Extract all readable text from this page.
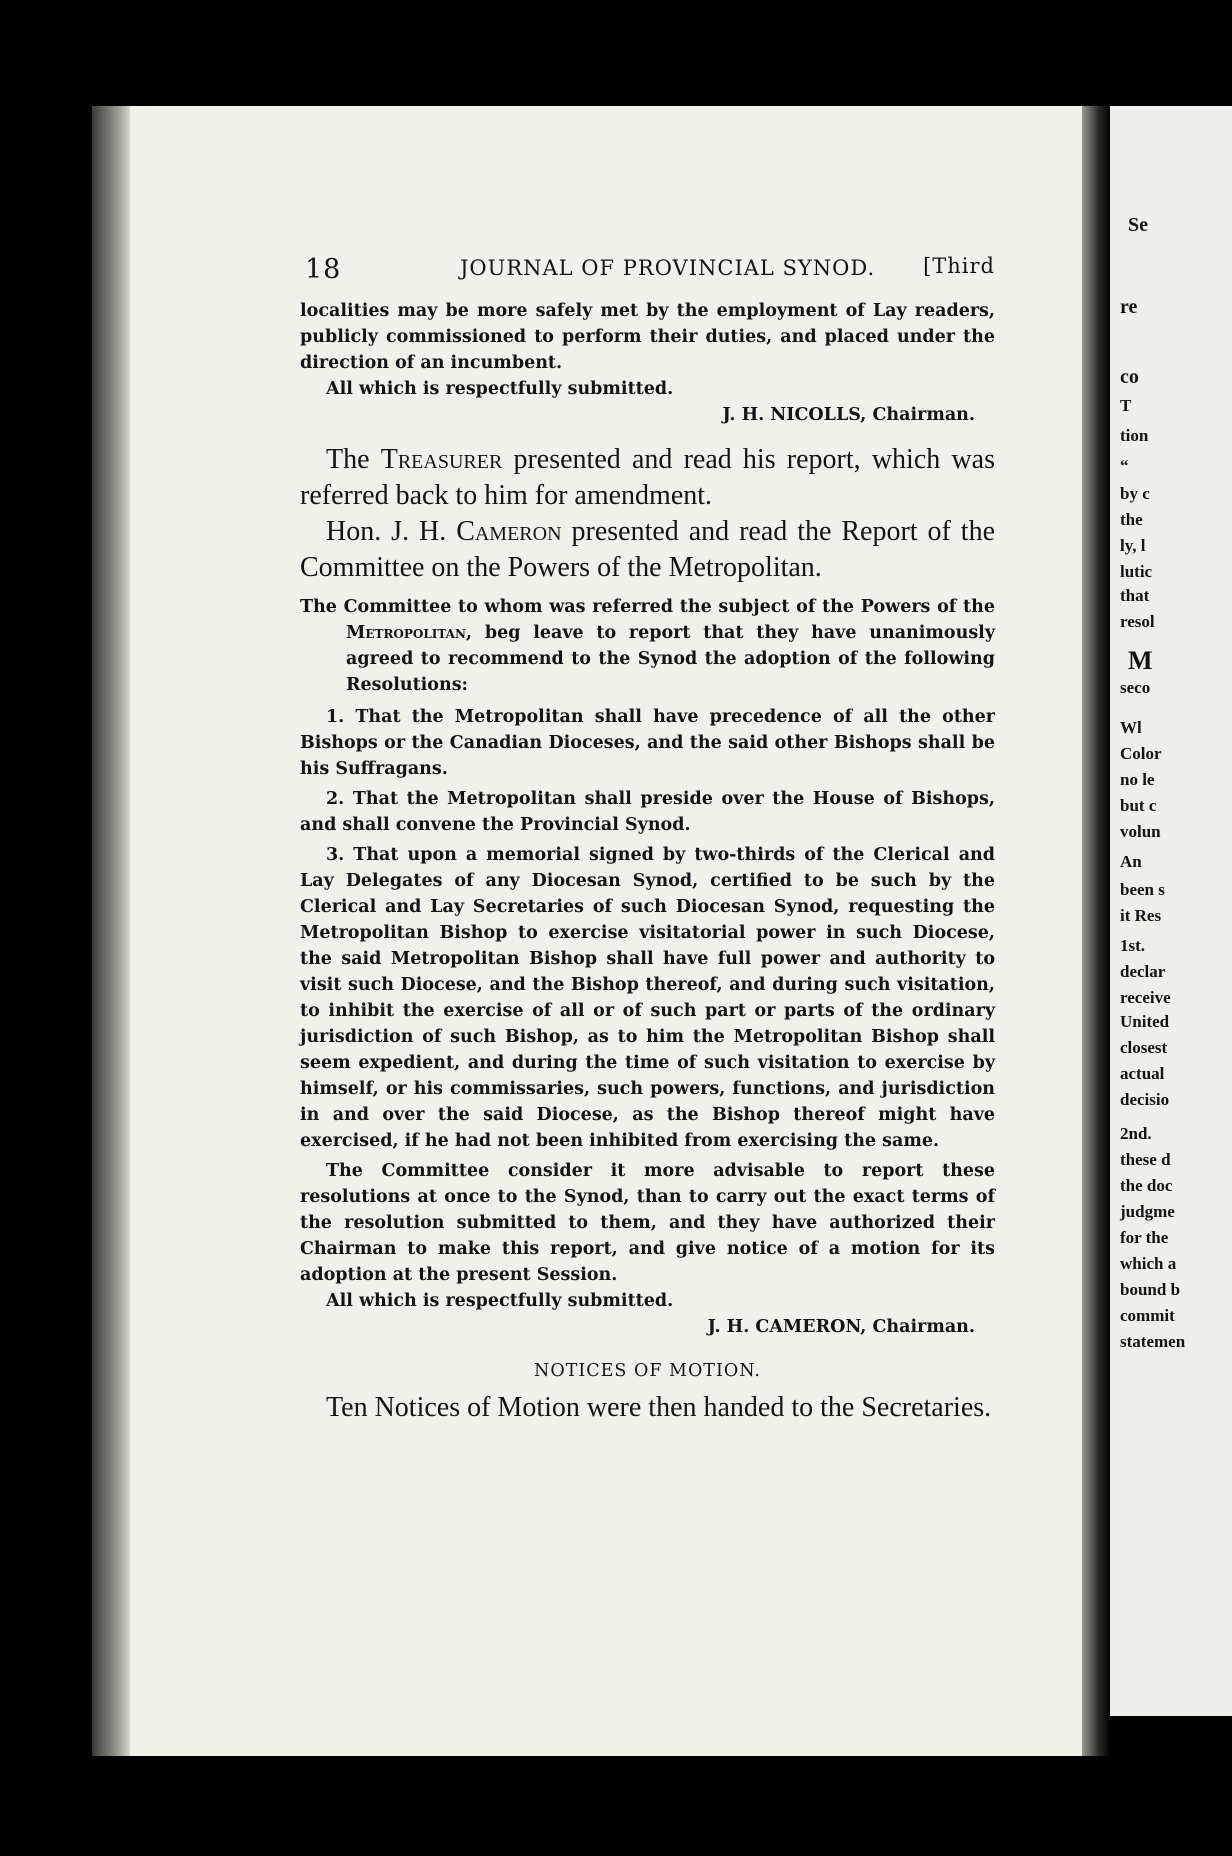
Se
re
co
T
tion
“
by c
the
ly, l
lutic
that
resol
M
seco
Wl
Color
no le
but c
volun
An
been s
it Res
1st.
declar
receive
United
closest
actual
decisio
2nd.
these d
the doc
judgme
for the
which a
bound b
commit
statemen
18	JOURNAL OF PROVINCIAL SYNOD. [Third

localities may be more safely met by the employment of Lay readers, publicly commissioned to perform their duties, and placed under the direction of an incumbent.

All which is respectfully submitted.

J. H. NICOLLS, Chairman.

The Treasurer presented and read his report, which was referred back to him for amendment.

Hon. J. H. Cameron presented and read the Report of the Committee on the Powers of the Metropolitan.

The Committee to whom was referred the subject of the Powers of the Metropolitan, beg leave to report that they have unanimously agreed to recommend to the Synod the adoption of the following Resolutions:

1. That the Metropolitan shall have precedence of all the other Bishops or the Canadian Dioceses, and the said other Bishops shall be his Suffragans.

2. That the Metropolitan shall preside over the House of Bishops, and shall convene the Provincial Synod.

3. That upon a memorial signed by two-thirds of the Clerical and Lay Delegates of any Diocesan Synod, certified to be such by the Clerical and Lay Secretaries of such Diocesan Synod, requesting the Metropolitan Bishop to exercise visitatorial power in such Diocese, the said Metropolitan Bishop shall have full power and authority to visit such Diocese, and the Bishop thereof, and during such visitation, to inhibit the exercise of all or of such part or parts of the ordinary jurisdiction of such Bishop, as to him the Metropolitan Bishop shall seem expedient, and during the time of such visitation to exercise by himself, or his commissaries, such powers, functions, and jurisdiction in and over the said Diocese, as the Bishop thereof might have exercised, if he had not been inhibited from exercising the same.

The Committee consider it more advisable to report these resolutions at once to the Synod, than to carry out the exact terms of the resolution submitted to them, and they have authorized their Chairman to make this report, and give notice of a motion for its adoption at the present Session.

All which is respectfully submitted.

J. H. CAMERON, Chairman.

NOTICES OF MOTION.

Ten Notices of Motion were then handed to the Secretaries.
